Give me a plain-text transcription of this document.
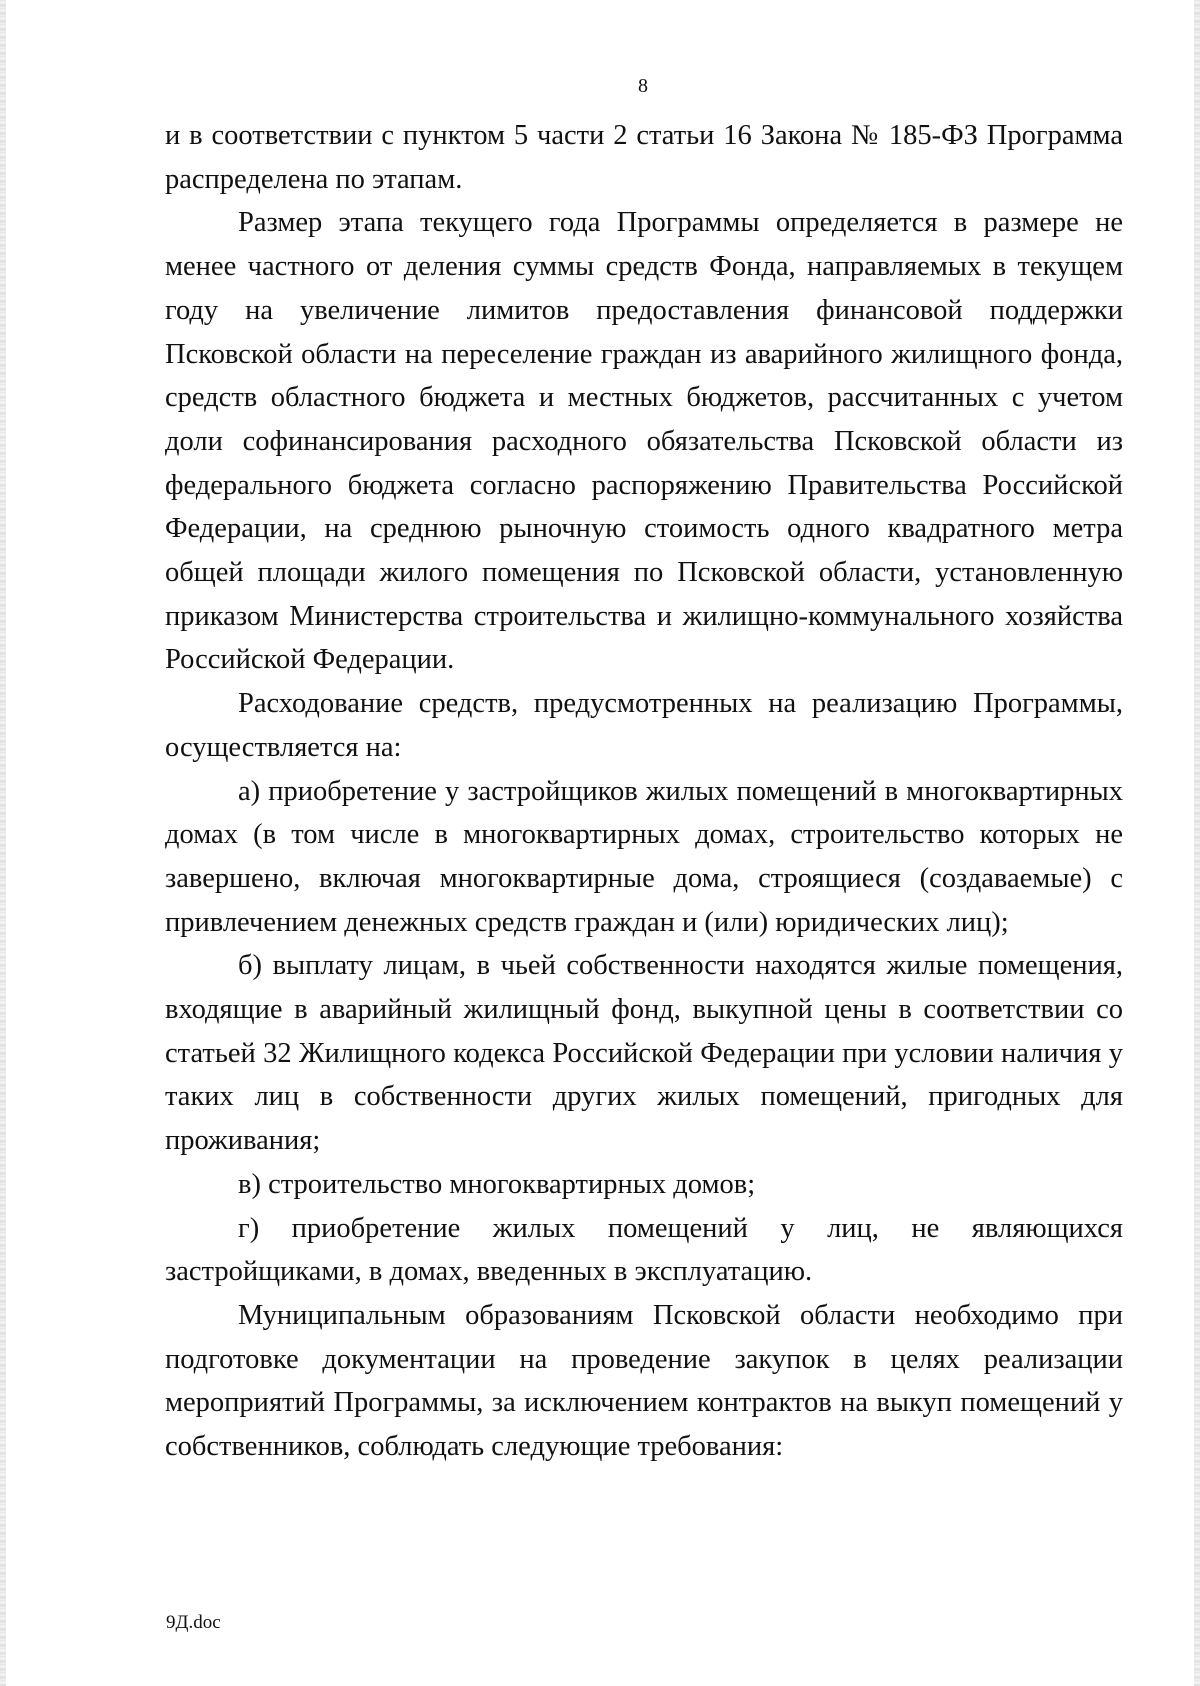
8

и в соответствии с пунктом 5 части 2 статьи 16 Закона № 185-ФЗ Программа распределена по этапам.

Размер этапа текущего года Программы определяется в размере не менее частного от деления суммы средств Фонда, направляемых в текущем году на увеличение лимитов предоставления финансовой поддержки Псковской области на переселение граждан из аварийного жилищного фонда, средств областного бюджета и местных бюджетов, рассчитанных с учетом доли софинансирования расходного обязательства Псковской области из федерального бюджета согласно распоряжению Правительства Российской Федерации, на среднюю рыночную стоимость одного квадратного метра общей площади жилого помещения по Псковской области, установленную приказом Министерства строительства и жилищно-коммунального хозяйства Российской Федерации.

Расходование средств, предусмотренных на реализацию Программы, осуществляется на:

а) приобретение у застройщиков жилых помещений в многоквартирных домах (в том числе в многоквартирных домах, строительство которых не завершено, включая многоквартирные дома, строящиеся (создаваемые) с привлечением денежных средств граждан и (или) юридических лиц);

б) выплату лицам, в чьей собственности находятся жилые помещения, входящие в аварийный жилищный фонд, выкупной цены в соответствии со статьей 32 Жилищного кодекса Российской Федерации при условии наличия у таких лиц в собственности других жилых помещений, пригодных для проживания;

в) строительство многоквартирных домов;

г) приобретение жилых помещений у лиц, не являющихся застройщиками, в домах, введенных в эксплуатацию.

Муниципальным образованиям Псковской области необходимо при подготовке документации на проведение закупок в целях реализации мероприятий Программы, за исключением контрактов на выкуп помещений у собственников, соблюдать следующие требования:

9Д.doc
